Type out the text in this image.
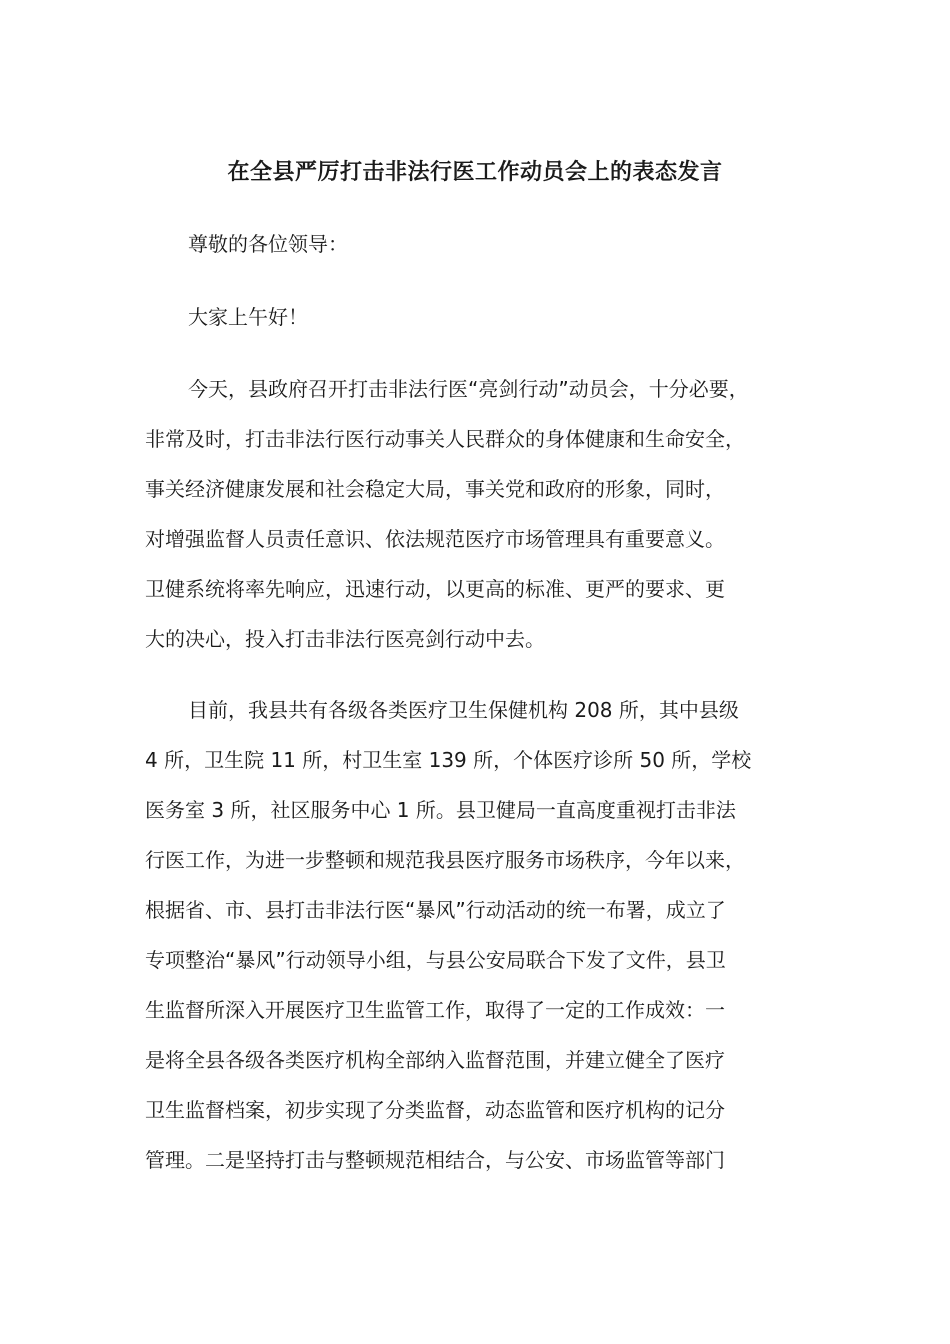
在全县严厉打击非法行医工作动员会上的表态发言
尊敬的各位领导：
大家上午好！
今天，县政府召开打击非法行医“亮剑行动”动员会，十分必要，
非常及时，打击非法行医行动事关人民群众的身体健康和生命安全，
事关经济健康发展和社会稳定大局，事关党和政府的形象，同时，
对增强监督人员责任意识、依法规范医疗市场管理具有重要意义。
卫健系统将率先响应，迅速行动，以更高的标准、更严的要求、更
大的决心，投入打击非法行医亮剑行动中去。
目前，我县共有各级各类医疗卫生保健机构 208 所，其中县级
4 所，卫生院 11 所，村卫生室 139 所，个体医疗诊所 50 所，学校
医务室 3 所，社区服务中心 1 所。县卫健局一直高度重视打击非法
行医工作，为进一步整顿和规范我县医疗服务市场秩序，今年以来，
根据省、市、县打击非法行医“暴风”行动活动的统一布署，成立了
专项整治“暴风”行动领导小组，与县公安局联合下发了文件，县卫
生监督所深入开展医疗卫生监管工作，取得了一定的工作成效：一
是将全县各级各类医疗机构全部纳入监督范围，并建立健全了医疗
卫生监督档案，初步实现了分类监督，动态监管和医疗机构的记分
管理。二是坚持打击与整顿规范相结合，与公安、市场监管等部门
